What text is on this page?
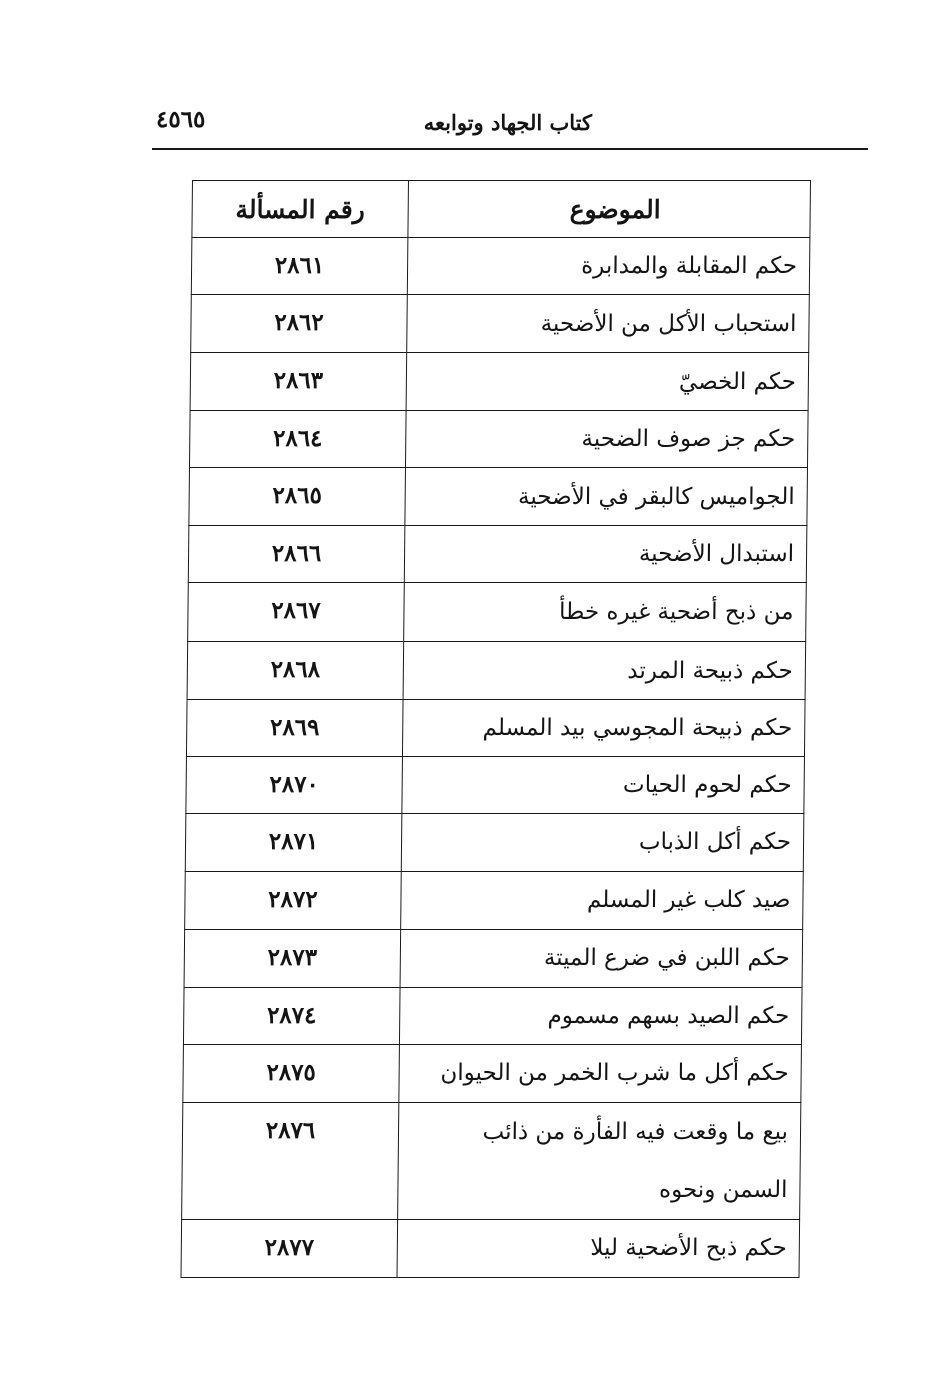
كتاب الجهاد وتوابعه
٤٥٦٥
الموضوع	رقم المسألة
حكم المقابلة والمدابرة	٢٨٦١
استحباب الأكل من الأضحية	٢٨٦٢
حكم الخصيّ	٢٨٦٣
حكم جز صوف الضحية	٢٨٦٤
الجواميس كالبقر في الأضحية	٢٨٦٥
استبدال الأضحية	٢٨٦٦
من ذبح أضحية غيره خطأ	٢٨٦٧
حكم ذبيحة المرتد	٢٨٦٨
حكم ذبيحة المجوسي بيد المسلم	٢٨٦٩
حكم لحوم الحيات	٢٨٧٠
حكم أكل الذباب	٢٨٧١
صيد كلب غير المسلم	٢٨٧٢
حكم اللبن في ضرع الميتة	٢٨٧٣
حكم الصيد بسهم مسموم	٢٨٧٤
حكم أكل ما شرب الخمر من الحيوان	٢٨٧٥
بيع ما وقعت فيه الفأرة من ذائب السمن ونحوه	٢٨٧٦
حكم ذبح الأضحية ليلا	٢٨٧٧
